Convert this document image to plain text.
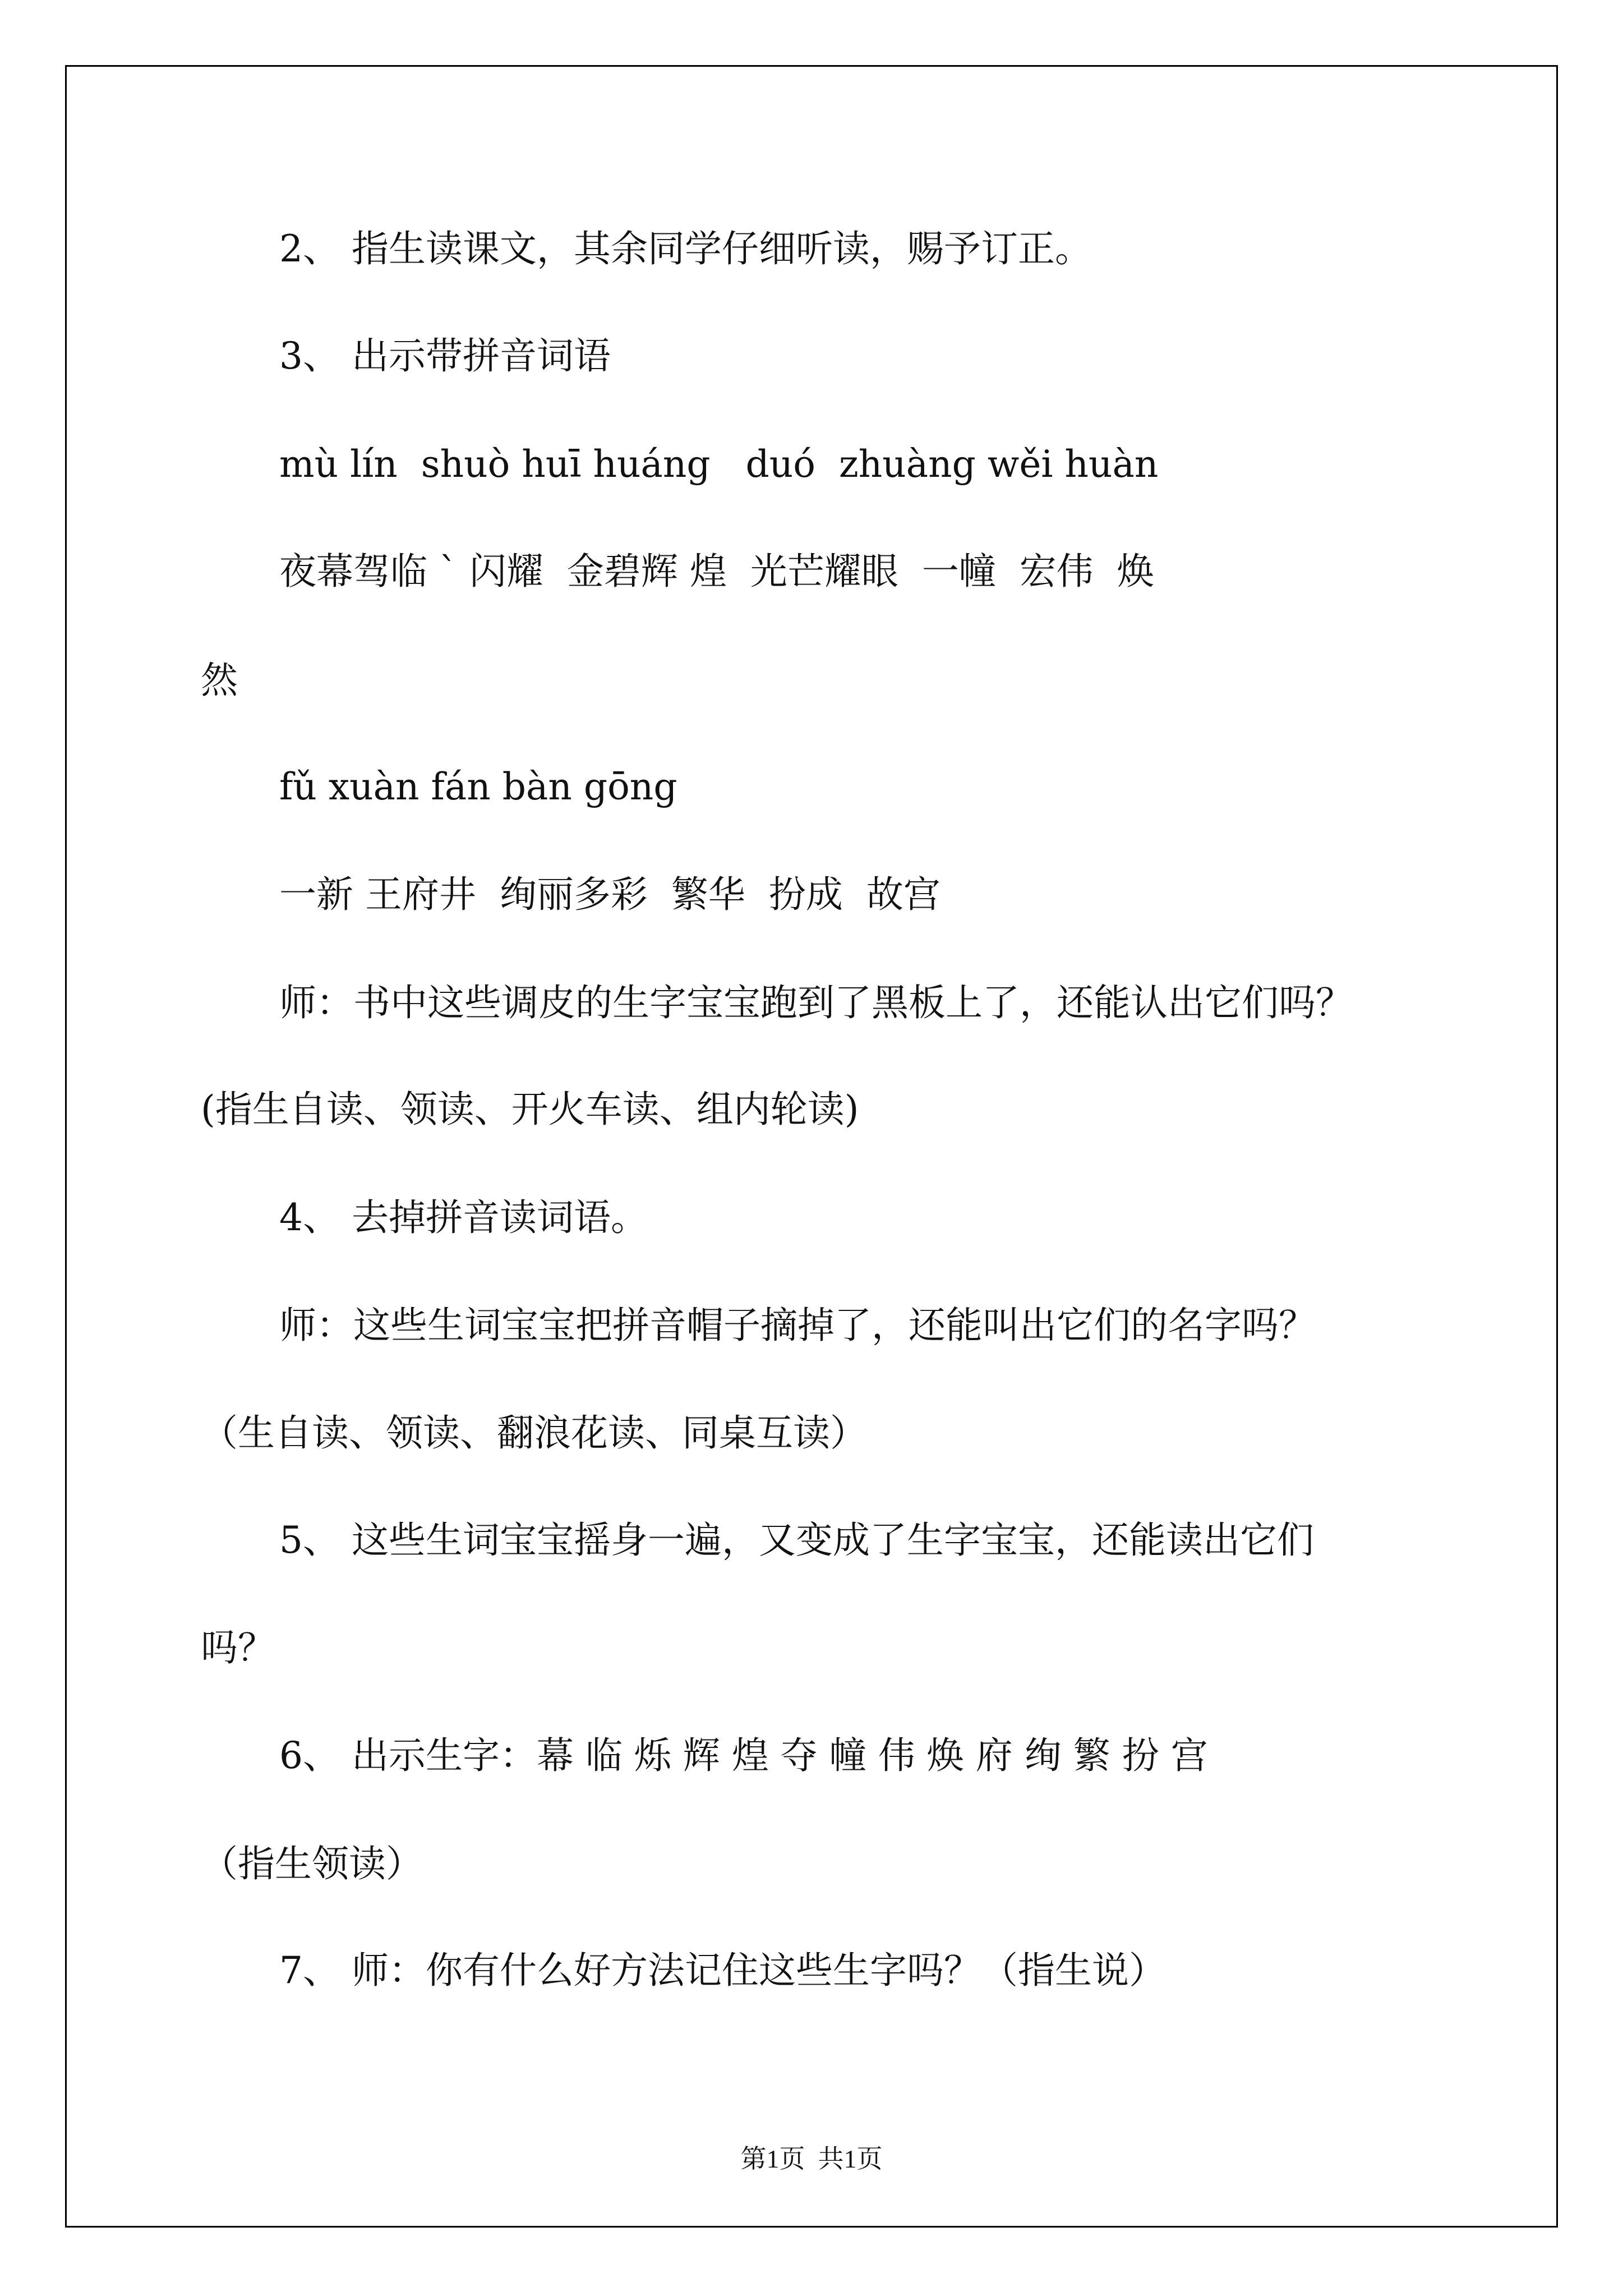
2、 指生读课文，其余同学仔细听读，赐予订正。
3、 出示带拼音词语
mù lín  shuò huī huáng   duó  zhuàng wěi huàn
夜幕驾临 ` 闪耀  金碧辉 煌  光芒耀眼  一幢  宏伟  焕
然
fǔ xuàn fán bàn gōng
一新 王府井  绚丽多彩  繁华  扮成  故宫
师：书中这些调皮的生字宝宝跑到了黑板上了，还能认出它们吗？
(指生自读、领读、开火车读、组内轮读)
4、 去掉拼音读词语。
师：这些生词宝宝把拼音帽子摘掉了，还能叫出它们的名字吗？
（生自读、领读、翻浪花读、同桌互读）
5、 这些生词宝宝摇身一遍，又变成了生字宝宝，还能读出它们
吗？
6、 出示生字：幕 临 烁 辉 煌 夺 幢 伟 焕 府 绚 繁 扮 宫
（指生领读）
7、 师：你有什么好方法记住这些生字吗？（指生说）
第1页  共1页
